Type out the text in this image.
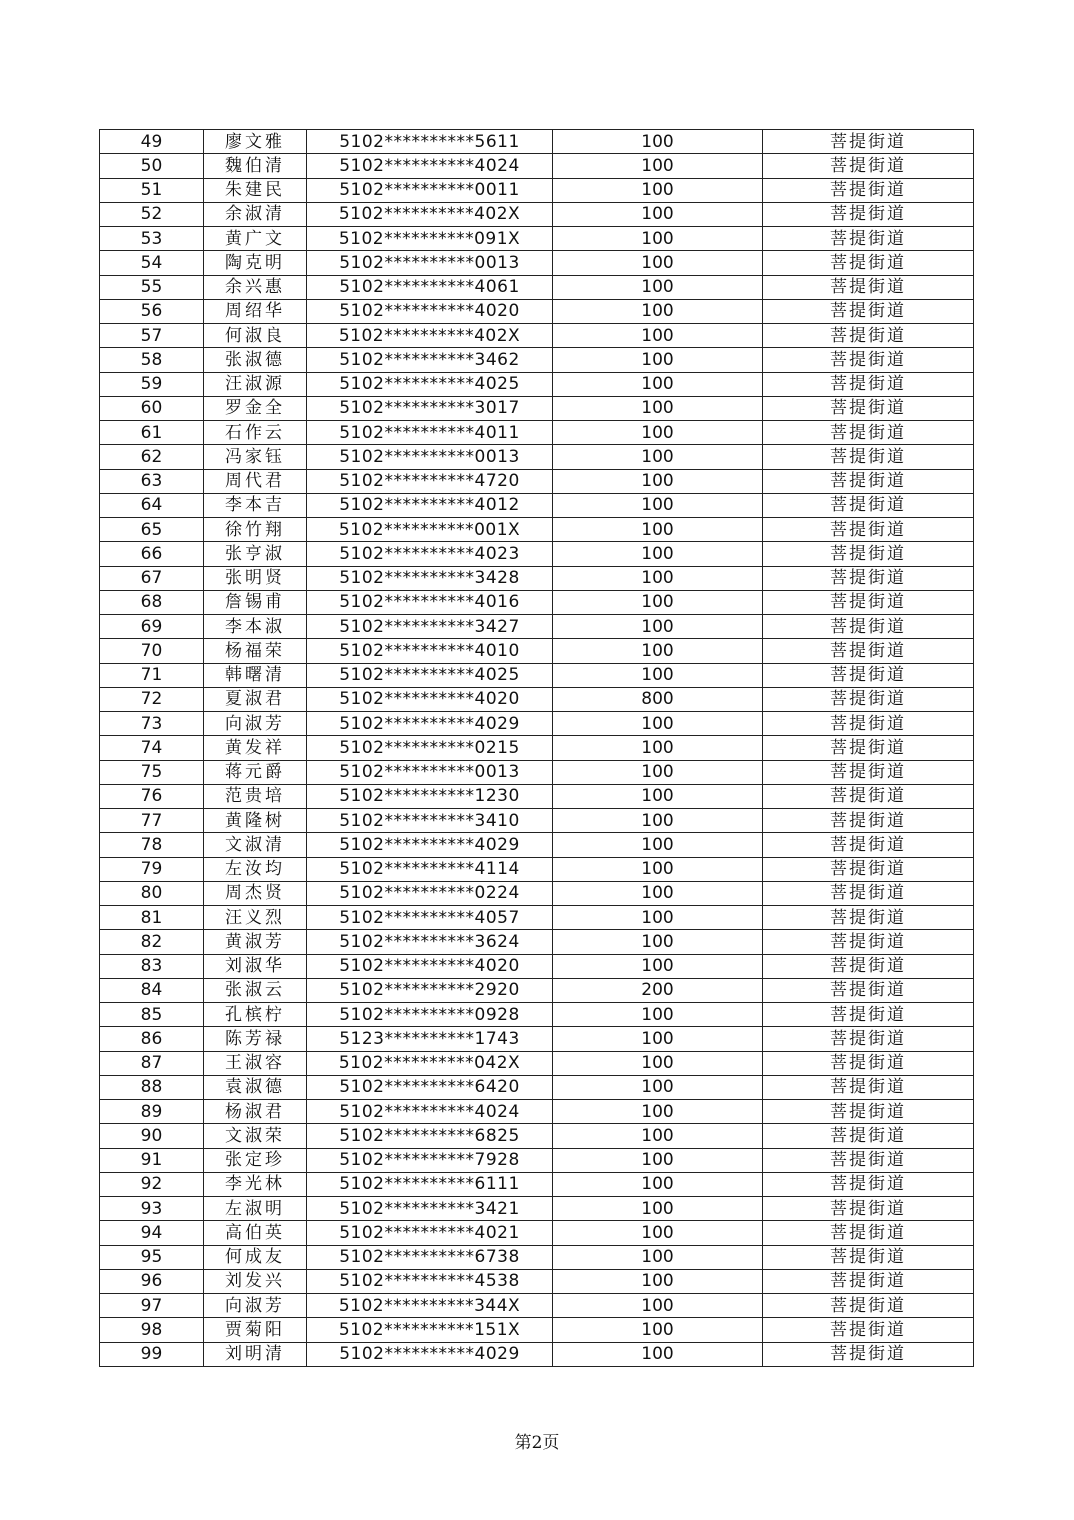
49	廖文雅	5102**********5611	100	菩提街道
50	魏伯清	5102**********4024	100	菩提街道
51	朱建民	5102**********0011	100	菩提街道
52	余淑清	5102**********402X	100	菩提街道
53	黄广文	5102**********091X	100	菩提街道
54	陶克明	5102**********0013	100	菩提街道
55	余兴惠	5102**********4061	100	菩提街道
56	周绍华	5102**********4020	100	菩提街道
57	何淑良	5102**********402X	100	菩提街道
58	张淑德	5102**********3462	100	菩提街道
59	汪淑源	5102**********4025	100	菩提街道
60	罗金全	5102**********3017	100	菩提街道
61	石作云	5102**********4011	100	菩提街道
62	冯家钰	5102**********0013	100	菩提街道
63	周代君	5102**********4720	100	菩提街道
64	李本吉	5102**********4012	100	菩提街道
65	徐竹翔	5102**********001X	100	菩提街道
66	张亨淑	5102**********4023	100	菩提街道
67	张明贤	5102**********3428	100	菩提街道
68	詹锡甫	5102**********4016	100	菩提街道
69	李本淑	5102**********3427	100	菩提街道
70	杨福荣	5102**********4010	100	菩提街道
71	韩曙清	5102**********4025	100	菩提街道
72	夏淑君	5102**********4020	800	菩提街道
73	向淑芳	5102**********4029	100	菩提街道
74	黄发祥	5102**********0215	100	菩提街道
75	蒋元爵	5102**********0013	100	菩提街道
76	范贵培	5102**********1230	100	菩提街道
77	黄隆树	5102**********3410	100	菩提街道
78	文淑清	5102**********4029	100	菩提街道
79	左汝均	5102**********4114	100	菩提街道
80	周杰贤	5102**********0224	100	菩提街道
81	汪义烈	5102**********4057	100	菩提街道
82	黄淑芳	5102**********3624	100	菩提街道
83	刘淑华	5102**********4020	100	菩提街道
84	张淑云	5102**********2920	200	菩提街道
85	孔槟柠	5102**********0928	100	菩提街道
86	陈芳禄	5123**********1743	100	菩提街道
87	王淑容	5102**********042X	100	菩提街道
88	袁淑德	5102**********6420	100	菩提街道
89	杨淑君	5102**********4024	100	菩提街道
90	文淑荣	5102**********6825	100	菩提街道
91	张定珍	5102**********7928	100	菩提街道
92	李光林	5102**********6111	100	菩提街道
93	左淑明	5102**********3421	100	菩提街道
94	高伯英	5102**********4021	100	菩提街道
95	何成友	5102**********6738	100	菩提街道
96	刘发兴	5102**********4538	100	菩提街道
97	向淑芳	5102**********344X	100	菩提街道
98	贾菊阳	5102**********151X	100	菩提街道
99	刘明清	5102**********4029	100	菩提街道
第2页
